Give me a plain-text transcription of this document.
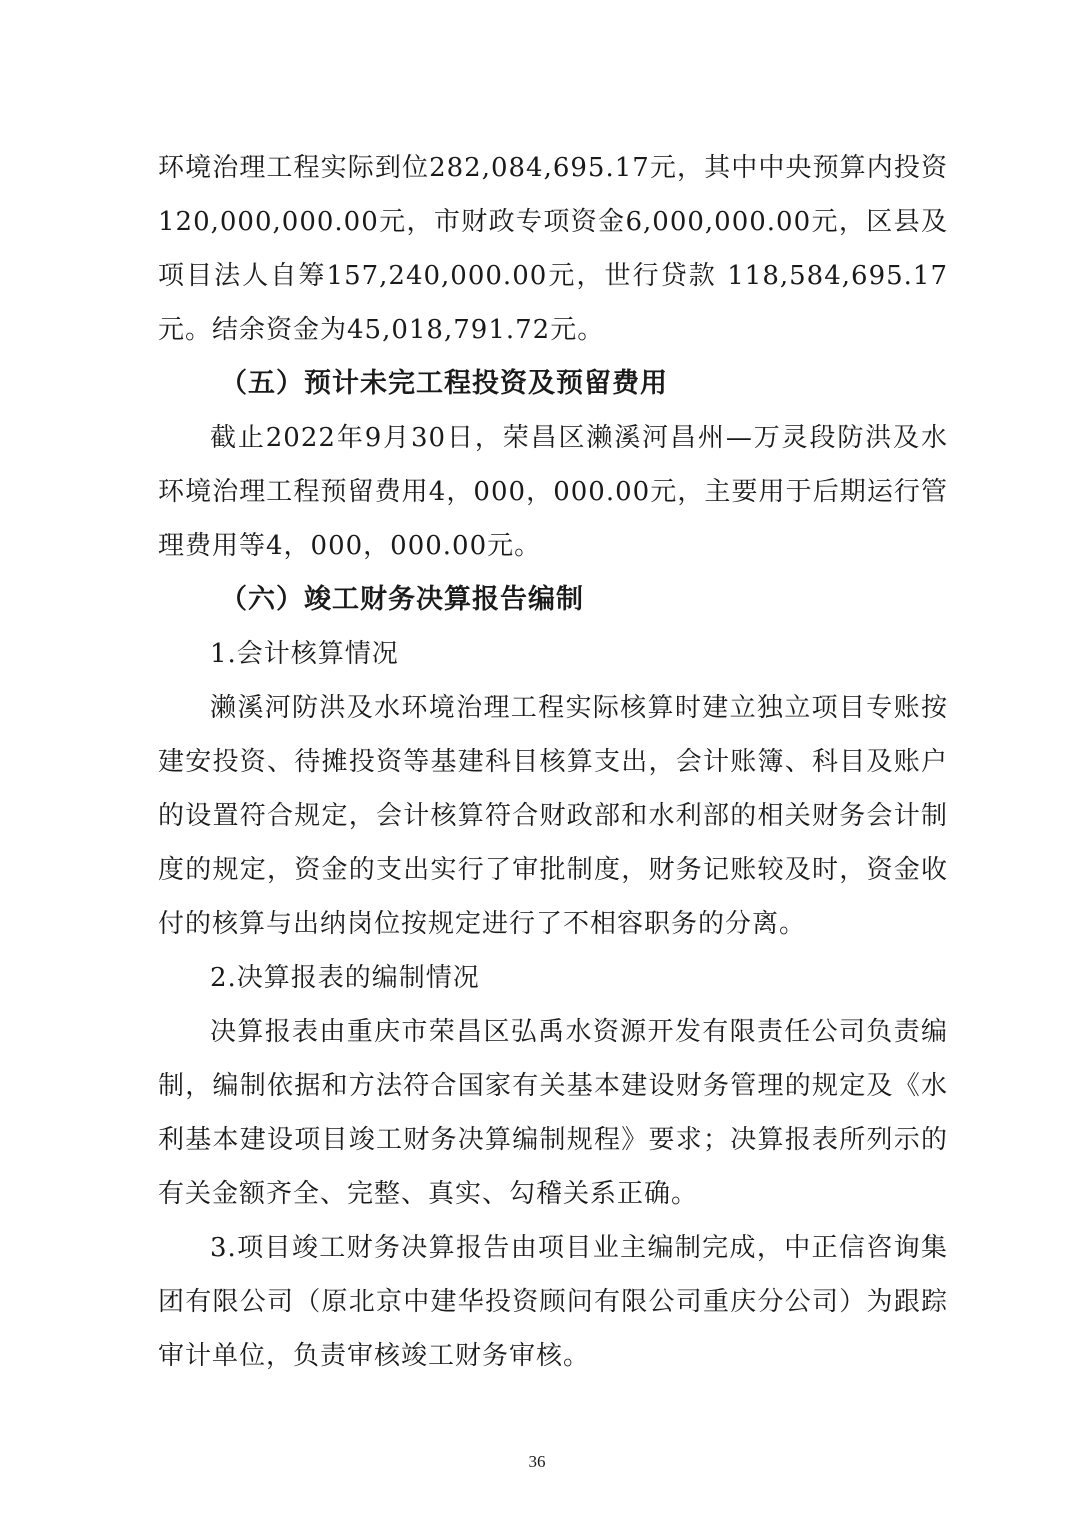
环境治理工程实际到位282,084,695.17元，其中中央预算内投资120,000,000.00元，市财政专项资金6,000,000.00元，区县及项目法人自筹157,240,000.00元，世行贷款 118,584,695.17元。结余资金为45,018,791.72元。

（五）预计未完工程投资及预留费用

截止2022年9月30日，荣昌区濑溪河昌州—万灵段防洪及水环境治理工程预留费用4，000，000.00元，主要用于后期运行管理费用等4，000，000.00元。

（六）竣工财务决算报告编制

1.会计核算情况

濑溪河防洪及水环境治理工程实际核算时建立独立项目专账按建安投资、待摊投资等基建科目核算支出，会计账簿、科目及账户的设置符合规定，会计核算符合财政部和水利部的相关财务会计制度的规定，资金的支出实行了审批制度，财务记账较及时，资金收付的核算与出纳岗位按规定进行了不相容职务的分离。

2.决算报表的编制情况

决算报表由重庆市荣昌区弘禹水资源开发有限责任公司负责编制，编制依据和方法符合国家有关基本建设财务管理的规定及《水利基本建设项目竣工财务决算编制规程》要求；决算报表所列示的有关金额齐全、完整、真实、勾稽关系正确。

3.项目竣工财务决算报告由项目业主编制完成，中正信咨询集团有限公司（原北京中建华投资顾问有限公司重庆分公司）为跟踪审计单位，负责审核竣工财务审核。

36
